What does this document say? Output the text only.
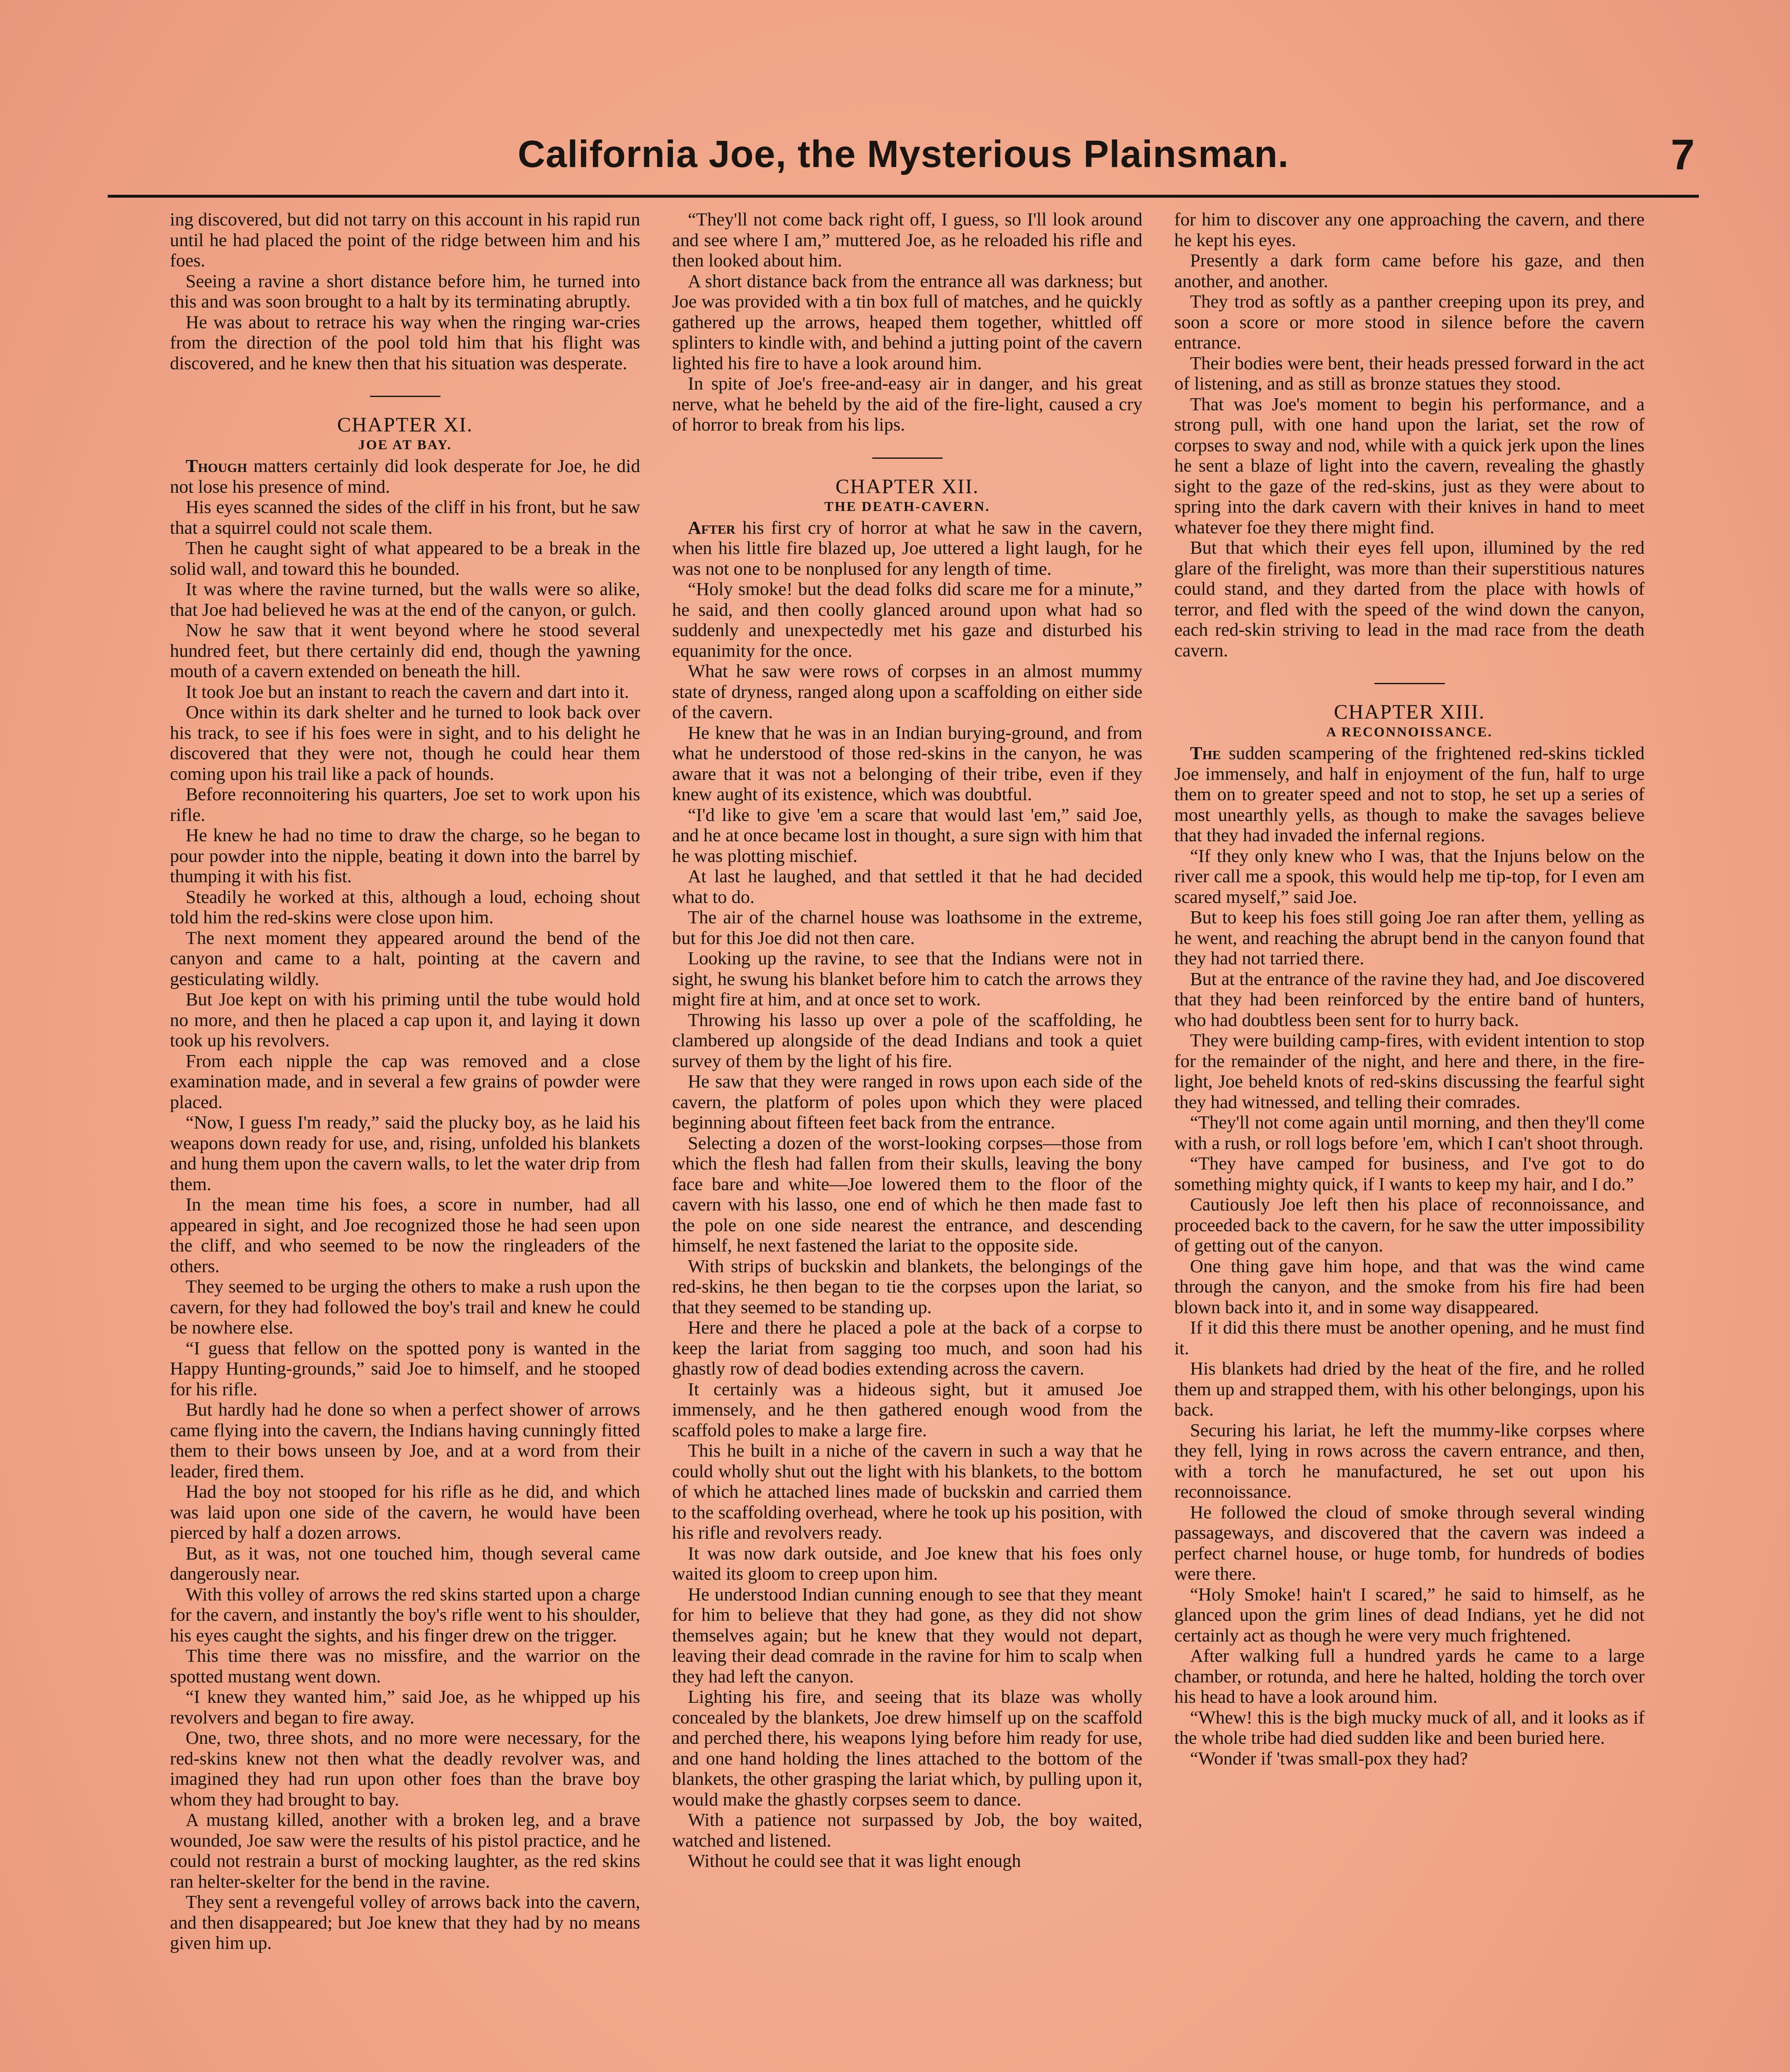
California Joe, the Mysterious Plainsman.	7

ing discovered, but did not tarry on this account in his rapid run until he had placed the point of the ridge between him and his foes.

Seeing a ravine a short distance before him, he turned into this and was soon brought to a halt by its terminating abruptly.

He was about to retrace his way when the ringing war-cries from the direction of the pool told him that his flight was discovered, and he knew then that his situation was desperate.

CHAPTER XI.
JOE AT BAY.

Though matters certainly did look desperate for Joe, he did not lose his presence of mind.

His eyes scanned the sides of the cliff in his front, but he saw that a squirrel could not scale them.

Then he caught sight of what appeared to be a break in the solid wall, and toward this he bounded.

It was where the ravine turned, but the walls were so alike, that Joe had believed he was at the end of the canyon, or gulch.

Now he saw that it went beyond where he stood several hundred feet, but there certainly did end, though the yawning mouth of a cavern extended on beneath the hill.

It took Joe but an instant to reach the cavern and dart into it.

Once within its dark shelter and he turned to look back over his track, to see if his foes were in sight, and to his delight he discovered that they were not, though he could hear them coming upon his trail like a pack of hounds.

Before reconnoitering his quarters, Joe set to work upon his rifle.

He knew he had no time to draw the charge, so he began to pour powder into the nipple, beating it down into the barrel by thumping it with his fist.

Steadily he worked at this, although a loud, echoing shout told him the red-skins were close upon him.

The next moment they appeared around the bend of the canyon and came to a halt, pointing at the cavern and gesticulating wildly.

But Joe kept on with his priming until the tube would hold no more, and then he placed a cap upon it, and laying it down took up his revolvers.

From each nipple the cap was removed and a close examination made, and in several a few grains of powder were placed.

“Now, I guess I'm ready,” said the plucky boy, as he laid his weapons down ready for use, and, rising, unfolded his blankets and hung them upon the cavern walls, to let the water drip from them.

In the mean time his foes, a score in number, had all appeared in sight, and Joe recognized those he had seen upon the cliff, and who seemed to be now the ringleaders of the others.

They seemed to be urging the others to make a rush upon the cavern, for they had followed the boy's trail and knew he could be nowhere else.

“I guess that fellow on the spotted pony is wanted in the Happy Hunting-grounds,” said Joe to himself, and he stooped for his rifle.

But hardly had he done so when a perfect shower of arrows came flying into the cavern, the Indians having cunningly fitted them to their bows unseen by Joe, and at a word from their leader, fired them.

Had the boy not stooped for his rifle as he did, and which was laid upon one side of the cavern, he would have been pierced by half a dozen arrows.

But, as it was, not one touched him, though several came dangerously near.

With this volley of arrows the red skins started upon a charge for the cavern, and instantly the boy's rifle went to his shoulder, his eyes caught the sights, and his finger drew on the trigger.

This time there was no missfire, and the warrior on the spotted mustang went down.

“I knew they wanted him,” said Joe, as he whipped up his revolvers and began to fire away.

One, two, three shots, and no more were necessary, for the red-skins knew not then what the deadly revolver was, and imagined they had run upon other foes than the brave boy whom they had brought to bay.

A mustang killed, another with a broken leg, and a brave wounded, Joe saw were the results of his pistol practice, and he could not restrain a burst of mocking laughter, as the red skins ran helter-skelter for the bend in the ravine.

They sent a revengeful volley of arrows back into the cavern, and then disappeared; but Joe knew that they had by no means given him up.

“They'll not come back right off, I guess, so I'll look around and see where I am,” muttered Joe, as he reloaded his rifle and then looked about him.

A short distance back from the entrance all was darkness; but Joe was provided with a tin box full of matches, and he quickly gathered up the arrows, heaped them together, whittled off splinters to kindle with, and behind a jutting point of the cavern lighted his fire to have a look around him.

In spite of Joe's free-and-easy air in danger, and his great nerve, what he beheld by the aid of the fire-light, caused a cry of horror to break from his lips.

CHAPTER XII.
THE DEATH-CAVERN.

After his first cry of horror at what he saw in the cavern, when his little fire blazed up, Joe uttered a light laugh, for he was not one to be nonplused for any length of time.

“Holy smoke! but the dead folks did scare me for a minute,” he said, and then coolly glanced around upon what had so suddenly and unexpectedly met his gaze and disturbed his equanimity for the once.

What he saw were rows of corpses in an almost mummy state of dryness, ranged along upon a scaffolding on either side of the cavern.

He knew that he was in an Indian burying-ground, and from what he understood of those red-skins in the canyon, he was aware that it was not a belonging of their tribe, even if they knew aught of its existence, which was doubtful.

“I'd like to give 'em a scare that would last 'em,” said Joe, and he at once became lost in thought, a sure sign with him that he was plotting mischief.

At last he laughed, and that settled it that he had decided what to do.

The air of the charnel house was loathsome in the extreme, but for this Joe did not then care.

Looking up the ravine, to see that the Indians were not in sight, he swung his blanket before him to catch the arrows they might fire at him, and at once set to work.

Throwing his lasso up over a pole of the scaffolding, he clambered up alongside of the dead Indians and took a quiet survey of them by the light of his fire.

He saw that they were ranged in rows upon each side of the cavern, the platform of poles upon which they were placed beginning about fifteen feet back from the entrance.

Selecting a dozen of the worst-looking corpses—those from which the flesh had fallen from their skulls, leaving the bony face bare and white—Joe lowered them to the floor of the cavern with his lasso, one end of which he then made fast to the pole on one side nearest the entrance, and descending himself, he next fastened the lariat to the opposite side.

With strips of buckskin and blankets, the belongings of the red-skins, he then began to tie the corpses upon the lariat, so that they seemed to be standing up.

Here and there he placed a pole at the back of a corpse to keep the lariat from sagging too much, and soon had his ghastly row of dead bodies extending across the cavern.

It certainly was a hideous sight, but it amused Joe immensely, and he then gathered enough wood from the scaffold poles to make a large fire.

This he built in a niche of the cavern in such a way that he could wholly shut out the light with his blankets, to the bottom of which he attached lines made of buckskin and carried them to the scaffolding overhead, where he took up his position, with his rifle and revolvers ready.

It was now dark outside, and Joe knew that his foes only waited its gloom to creep upon him.

He understood Indian cunning enough to see that they meant for him to believe that they had gone, as they did not show themselves again; but he knew that they would not depart, leaving their dead comrade in the ravine for him to scalp when they had left the canyon.

Lighting his fire, and seeing that its blaze was wholly concealed by the blankets, Joe drew himself up on the scaffold and perched there, his weapons lying before him ready for use, and one hand holding the lines attached to the bottom of the blankets, the other grasping the lariat which, by pulling upon it, would make the ghastly corpses seem to dance.

With a patience not surpassed by Job, the boy waited, watched and listened.

Without he could see that it was light enough

for him to discover any one approaching the cavern, and there he kept his eyes.

Presently a dark form came before his gaze, and then another, and another.

They trod as softly as a panther creeping upon its prey, and soon a score or more stood in silence before the cavern entrance.

Their bodies were bent, their heads pressed forward in the act of listening, and as still as bronze statues they stood.

That was Joe's moment to begin his performance, and a strong pull, with one hand upon the lariat, set the row of corpses to sway and nod, while with a quick jerk upon the lines he sent a blaze of light into the cavern, revealing the ghastly sight to the gaze of the red-skins, just as they were about to spring into the dark cavern with their knives in hand to meet whatever foe they there might find.

But that which their eyes fell upon, illumined by the red glare of the firelight, was more than their superstitious natures could stand, and they darted from the place with howls of terror, and fled with the speed of the wind down the canyon, each red-skin striving to lead in the mad race from the death cavern.

CHAPTER XIII.
A RECONNOISSANCE.

The sudden scampering of the frightened red-skins tickled Joe immensely, and half in enjoyment of the fun, half to urge them on to greater speed and not to stop, he set up a series of most unearthly yells, as though to make the savages believe that they had invaded the infernal regions.

“If they only knew who I was, that the Injuns below on the river call me a spook, this would help me tip-top, for I even am scared myself,” said Joe.

But to keep his foes still going Joe ran after them, yelling as he went, and reaching the abrupt bend in the canyon found that they had not tarried there.

But at the entrance of the ravine they had, and Joe discovered that they had been reinforced by the entire band of hunters, who had doubtless been sent for to hurry back.

They were building camp-fires, with evident intention to stop for the remainder of the night, and here and there, in the fire-light, Joe beheld knots of red-skins discussing the fearful sight they had witnessed, and telling their comrades.

“They'll not come again until morning, and then they'll come with a rush, or roll logs before 'em, which I can't shoot through.

“They have camped for business, and I've got to do something mighty quick, if I wants to keep my hair, and I do.”

Cautiously Joe left then his place of reconnoissance, and proceeded back to the cavern, for he saw the utter impossibility of getting out of the canyon.

One thing gave him hope, and that was the wind came through the canyon, and the smoke from his fire had been blown back into it, and in some way disappeared.

If it did this there must be another opening, and he must find it.

His blankets had dried by the heat of the fire, and he rolled them up and strapped them, with his other belongings, upon his back.

Securing his lariat, he left the mummy-like corpses where they fell, lying in rows across the cavern entrance, and then, with a torch he manufactured, he set out upon his reconnoissance.

He followed the cloud of smoke through several winding passageways, and discovered that the cavern was indeed a perfect charnel house, or huge tomb, for hundreds of bodies were there.

“Holy Smoke! hain't I scared,” he said to himself, as he glanced upon the grim lines of dead Indians, yet he did not certainly act as though he were very much frightened.

After walking full a hundred yards he came to a large chamber, or rotunda, and here he halted, holding the torch over his head to have a look around him.

“Whew! this is the bigh mucky muck of all, and it looks as if the whole tribe had died sudden like and been buried here.

“Wonder if 'twas small-pox they had?
